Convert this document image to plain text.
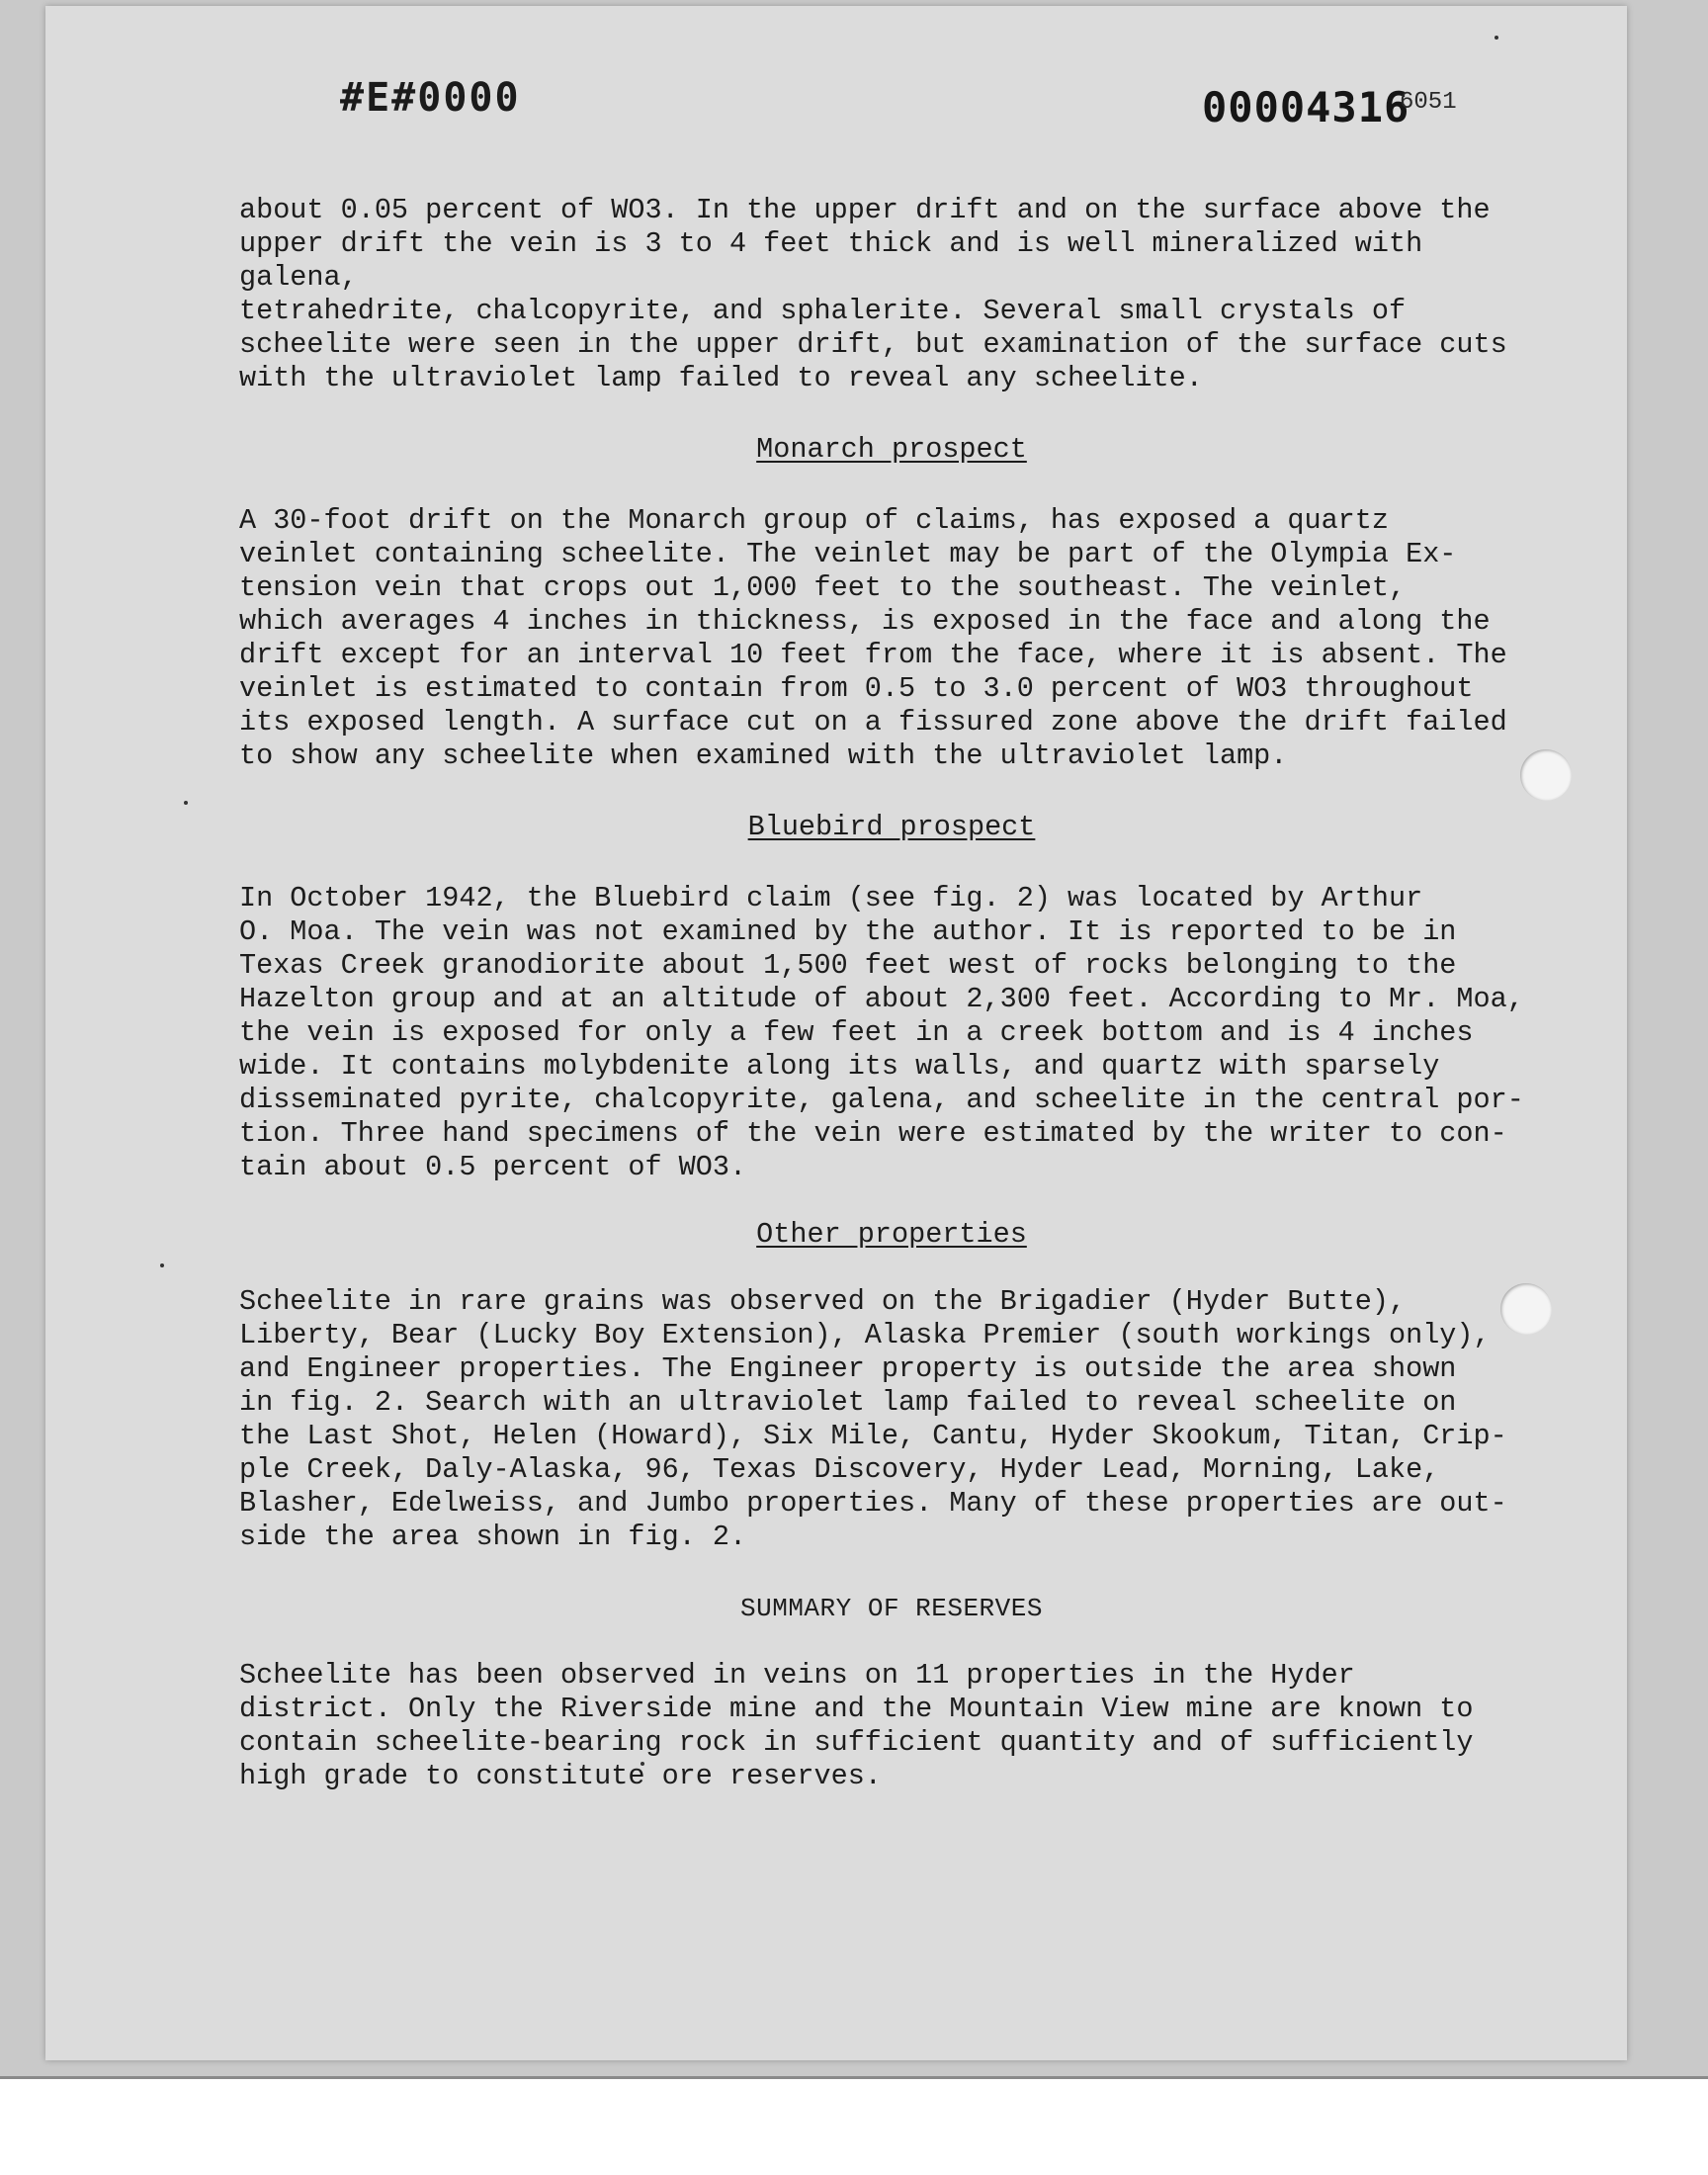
#E#0000	00004316
6051

about 0.05 percent of WO3. In the upper drift and on the surface above the
upper drift the vein is 3 to 4 feet thick and is well mineralized with galena,
tetrahedrite, chalcopyrite, and sphalerite. Several small crystals of
scheelite were seen in the upper drift, but examination of the surface cuts
with the ultraviolet lamp failed to reveal any scheelite.

Monarch prospect

A 30-foot drift on the Monarch group of claims, has exposed a quartz
veinlet containing scheelite. The veinlet may be part of the Olympia Ex-
tension vein that crops out 1,000 feet to the southeast. The veinlet,
which averages 4 inches in thickness, is exposed in the face and along the
drift except for an interval 10 feet from the face, where it is absent. The
veinlet is estimated to contain from 0.5 to 3.0 percent of WO3 throughout
its exposed length. A surface cut on a fissured zone above the drift failed
to show any scheelite when examined with the ultraviolet lamp.

Bluebird prospect

In October 1942, the Bluebird claim (see fig. 2) was located by Arthur
O. Moa. The vein was not examined by the author. It is reported to be in
Texas Creek granodiorite about 1,500 feet west of rocks belonging to the
Hazelton group and at an altitude of about 2,300 feet. According to Mr. Moa,
the vein is exposed for only a few feet in a creek bottom and is 4 inches
wide. It contains molybdenite along its walls, and quartz with sparsely
disseminated pyrite, chalcopyrite, galena, and scheelite in the central por-
tion. Three hand specimens of the vein were estimated by the writer to con-
tain about 0.5 percent of WO3.

Other properties

Scheelite in rare grains was observed on the Brigadier (Hyder Butte),
Liberty, Bear (Lucky Boy Extension), Alaska Premier (south workings only),
and Engineer properties. The Engineer property is outside the area shown
in fig. 2. Search with an ultraviolet lamp failed to reveal scheelite on
the Last Shot, Helen (Howard), Six Mile, Cantu, Hyder Skookum, Titan, Crip-
ple Creek, Daly-Alaska, 96, Texas Discovery, Hyder Lead, Morning, Lake,
Blasher, Edelweiss, and Jumbo properties. Many of these properties are out-
side the area shown in fig. 2.

SUMMARY OF RESERVES

Scheelite has been observed in veins on 11 properties in the Hyder
district. Only the Riverside mine and the Mountain View mine are known to
contain scheelite-bearing rock in sufficient quantity and of sufficiently
high grade to constitute ore reserves.
